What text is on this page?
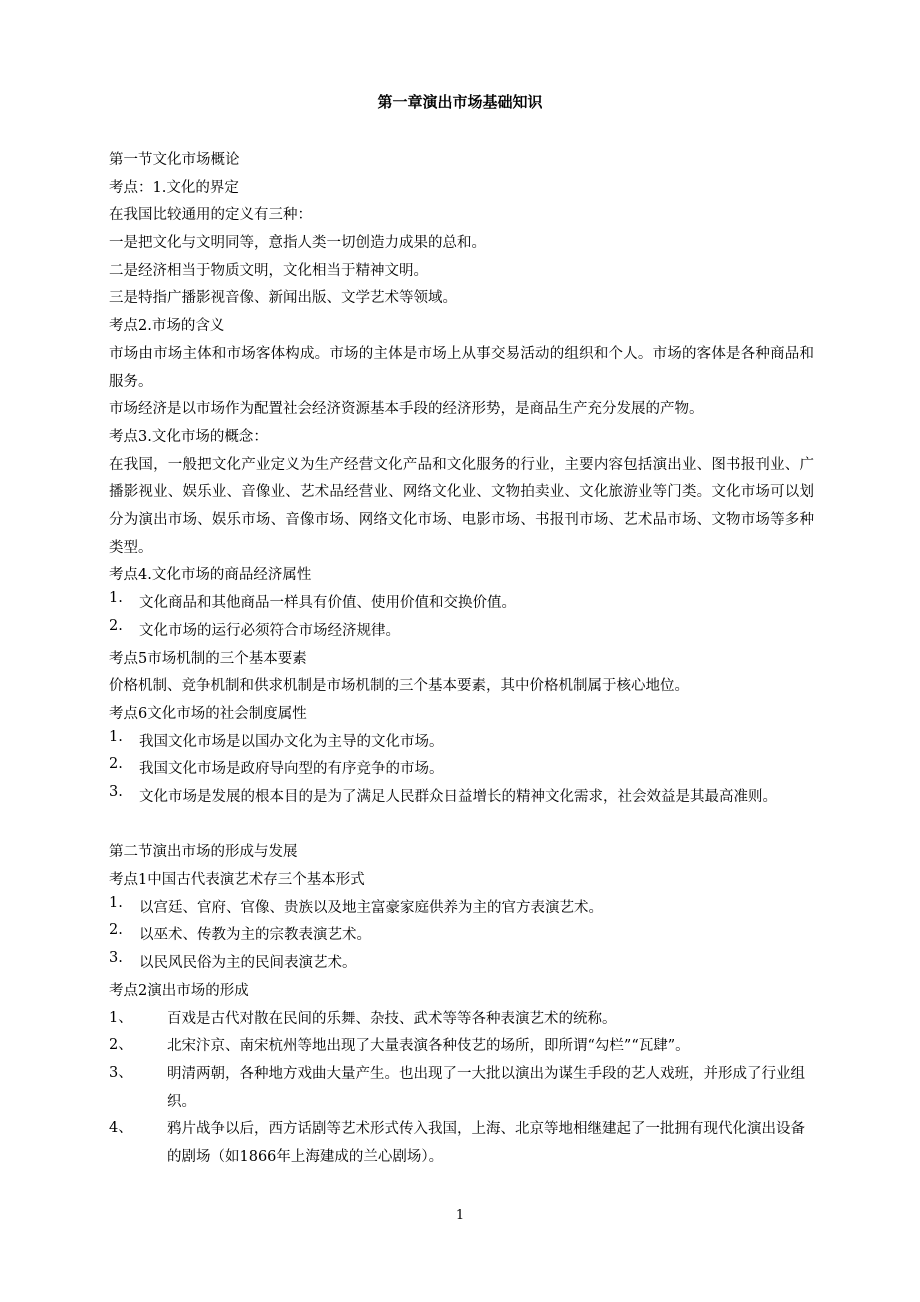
第一章演出市场基础知识
第一节文化市场概论
考点：1.文化的界定
在我国比较通用的定义有三种：
一是把文化与文明同等，意指人类一切创造力成果的总和。
二是经济相当于物质文明，文化相当于精神文明。
三是特指广播影视音像、新闻出版、文学艺术等领域。
考点2.市场的含义
市场由市场主体和市场客体构成。市场的主体是市场上从事交易活动的组织和个人。市场的客体是各种商品和服务。
市场经济是以市场作为配置社会经济资源基本手段的经济形势，是商品生产充分发展的产物。
考点3.文化市场的概念：
在我国，一般把文化产业定义为生产经营文化产品和文化服务的行业，主要内容包括演出业、图书报刊业、广播影视业、娱乐业、音像业、艺术品经营业、网络文化业、文物拍卖业、文化旅游业等门类。文化市场可以划分为演出市场、娱乐市场、音像市场、网络文化市场、电影市场、书报刊市场、艺术品市场、文物市场等多种类型。
考点4.文化市场的商品经济属性
1.	文化商品和其他商品一样具有价值、使用价值和交换价值。
2.	文化市场的运行必须符合市场经济规律。
考点5市场机制的三个基本要素
价格机制、竞争机制和供求机制是市场机制的三个基本要素，其中价格机制属于核心地位。
考点6文化市场的社会制度属性
1.	我国文化市场是以国办文化为主导的文化市场。
2.	我国文化市场是政府导向型的有序竞争的市场。
3.	文化市场是发展的根本目的是为了满足人民群众日益增长的精神文化需求，社会效益是其最高准则。
第二节演出市场的形成与发展
考点1中国古代表演艺术存三个基本形式
1.	以宫廷、官府、官像、贵族以及地主富豪家庭供养为主的官方表演艺术。
2.	以巫术、传教为主的宗教表演艺术。
3.	以民风民俗为主的民间表演艺术。
考点2演出市场的形成
1、	百戏是古代对散在民间的乐舞、杂技、武术等等各种表演艺术的统称。
2、	北宋汴京、南宋杭州等地出现了大量表演各种伎艺的场所，即所谓“勾栏”“瓦肆”。
3、	明清两朝，各种地方戏曲大量产生。也出现了一大批以演出为谋生手段的艺人戏班，并形成了行业组织。
4、	鸦片战争以后，西方话剧等艺术形式传入我国，上海、北京等地相继建起了一批拥有现代化演出设备的剧场（如1866年上海建成的兰心剧场）。
1
